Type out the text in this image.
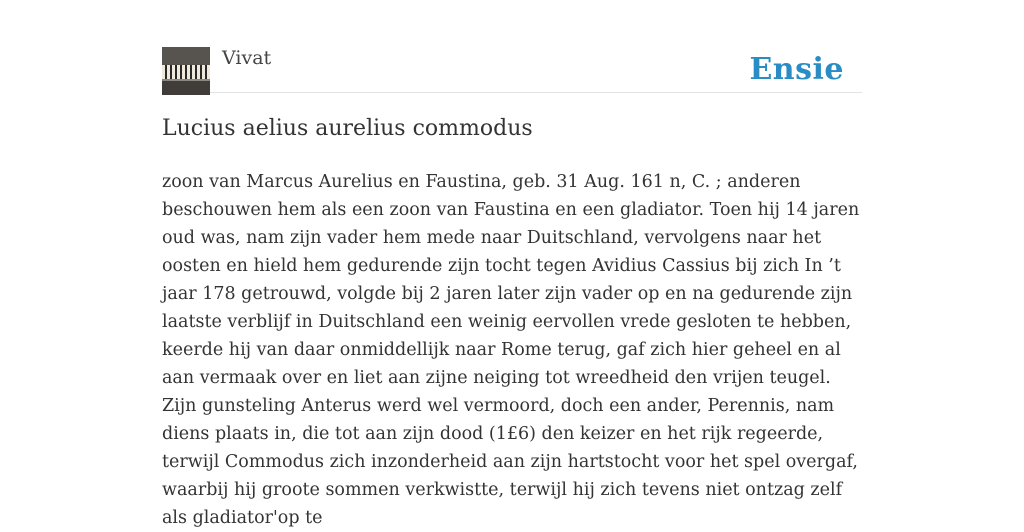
Vivat	Ensie
Lucius aelius aurelius commodus

zoon van Marcus Aurelius en Faustina, geb. 31 Aug. 161 n, C. ; anderen beschouwen hem als een zoon van Faustina en een gladiator. Toen hij 14 jaren oud was, nam zijn vader hem mede naar Duitschland, vervolgens naar het oosten en hield hem gedurende zijn tocht tegen Avidius Cassius bij zich In ’t jaar 178 getrouwd, volgde bij 2 jaren later zijn vader op en na gedurende zijn laatste verblijf in Duitschland een weinig eervollen vrede gesloten te hebben, keerde hij van daar onmiddellijk naar Rome terug, gaf zich hier geheel en al aan vermaak over en liet aan zijne neiging tot wreedheid den vrijen teugel. Zijn gunsteling Anterus werd wel vermoord, doch een ander, Perennis, nam diens plaats in, die tot aan zijn dood (1£6) den keizer en het rijk regeerde, terwijl Commodus zich inzonderheid aan zijn hartstocht voor het spel overgaf, waarbij hij groote sommen verkwistte, terwijl hij zich tevens niet ontzag zelf als gladiator'op te
